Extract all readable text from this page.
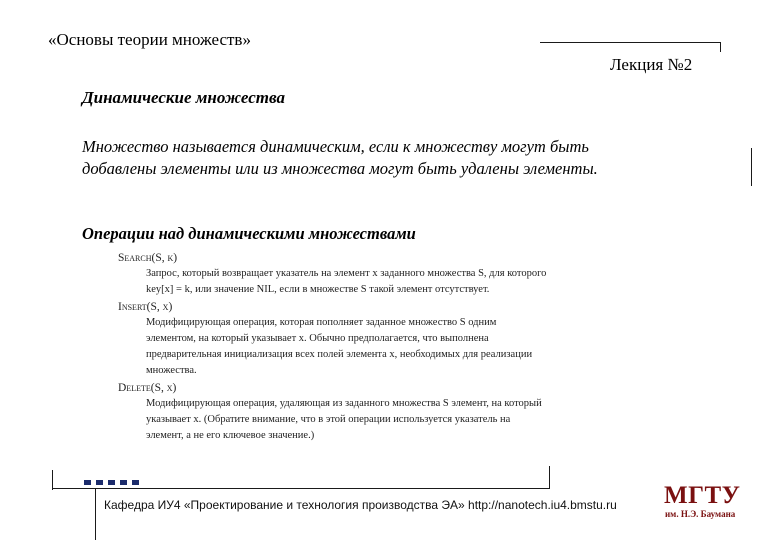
«Основы теории множеств»
Лекция №2
Динамические множества
Множество называется динамическим, если к множеству могут быть добавлены элементы или из множества могут быть удалены элементы.
Операции над динамическими множествами
Search(S, k)
Запрос, который возвращает указатель на элемент x заданного множества S, для которого key[x] = k, или значение NIL, если в множестве S такой элемент отсутствует.
Insert(S, x)
Модифицирующая операция, которая пополняет заданное множество S одним элементом, на который указывает x. Обычно предполагается, что выполнена предварительная инициализация всех полей элемента x, необходимых для реализации множества.
Delete(S, x)
Модифицирующая операция, удаляющая из заданного множества S элемент, на который указывает x. (Обратите внимание, что в этой операции используется указатель на элемент, а не его ключевое значение.)
Кафедра ИУ4 «Проектирование и технология производства ЭА» http://nanotech.iu4.bmstu.ru МГТУ
им. Н.Э. Баумана
